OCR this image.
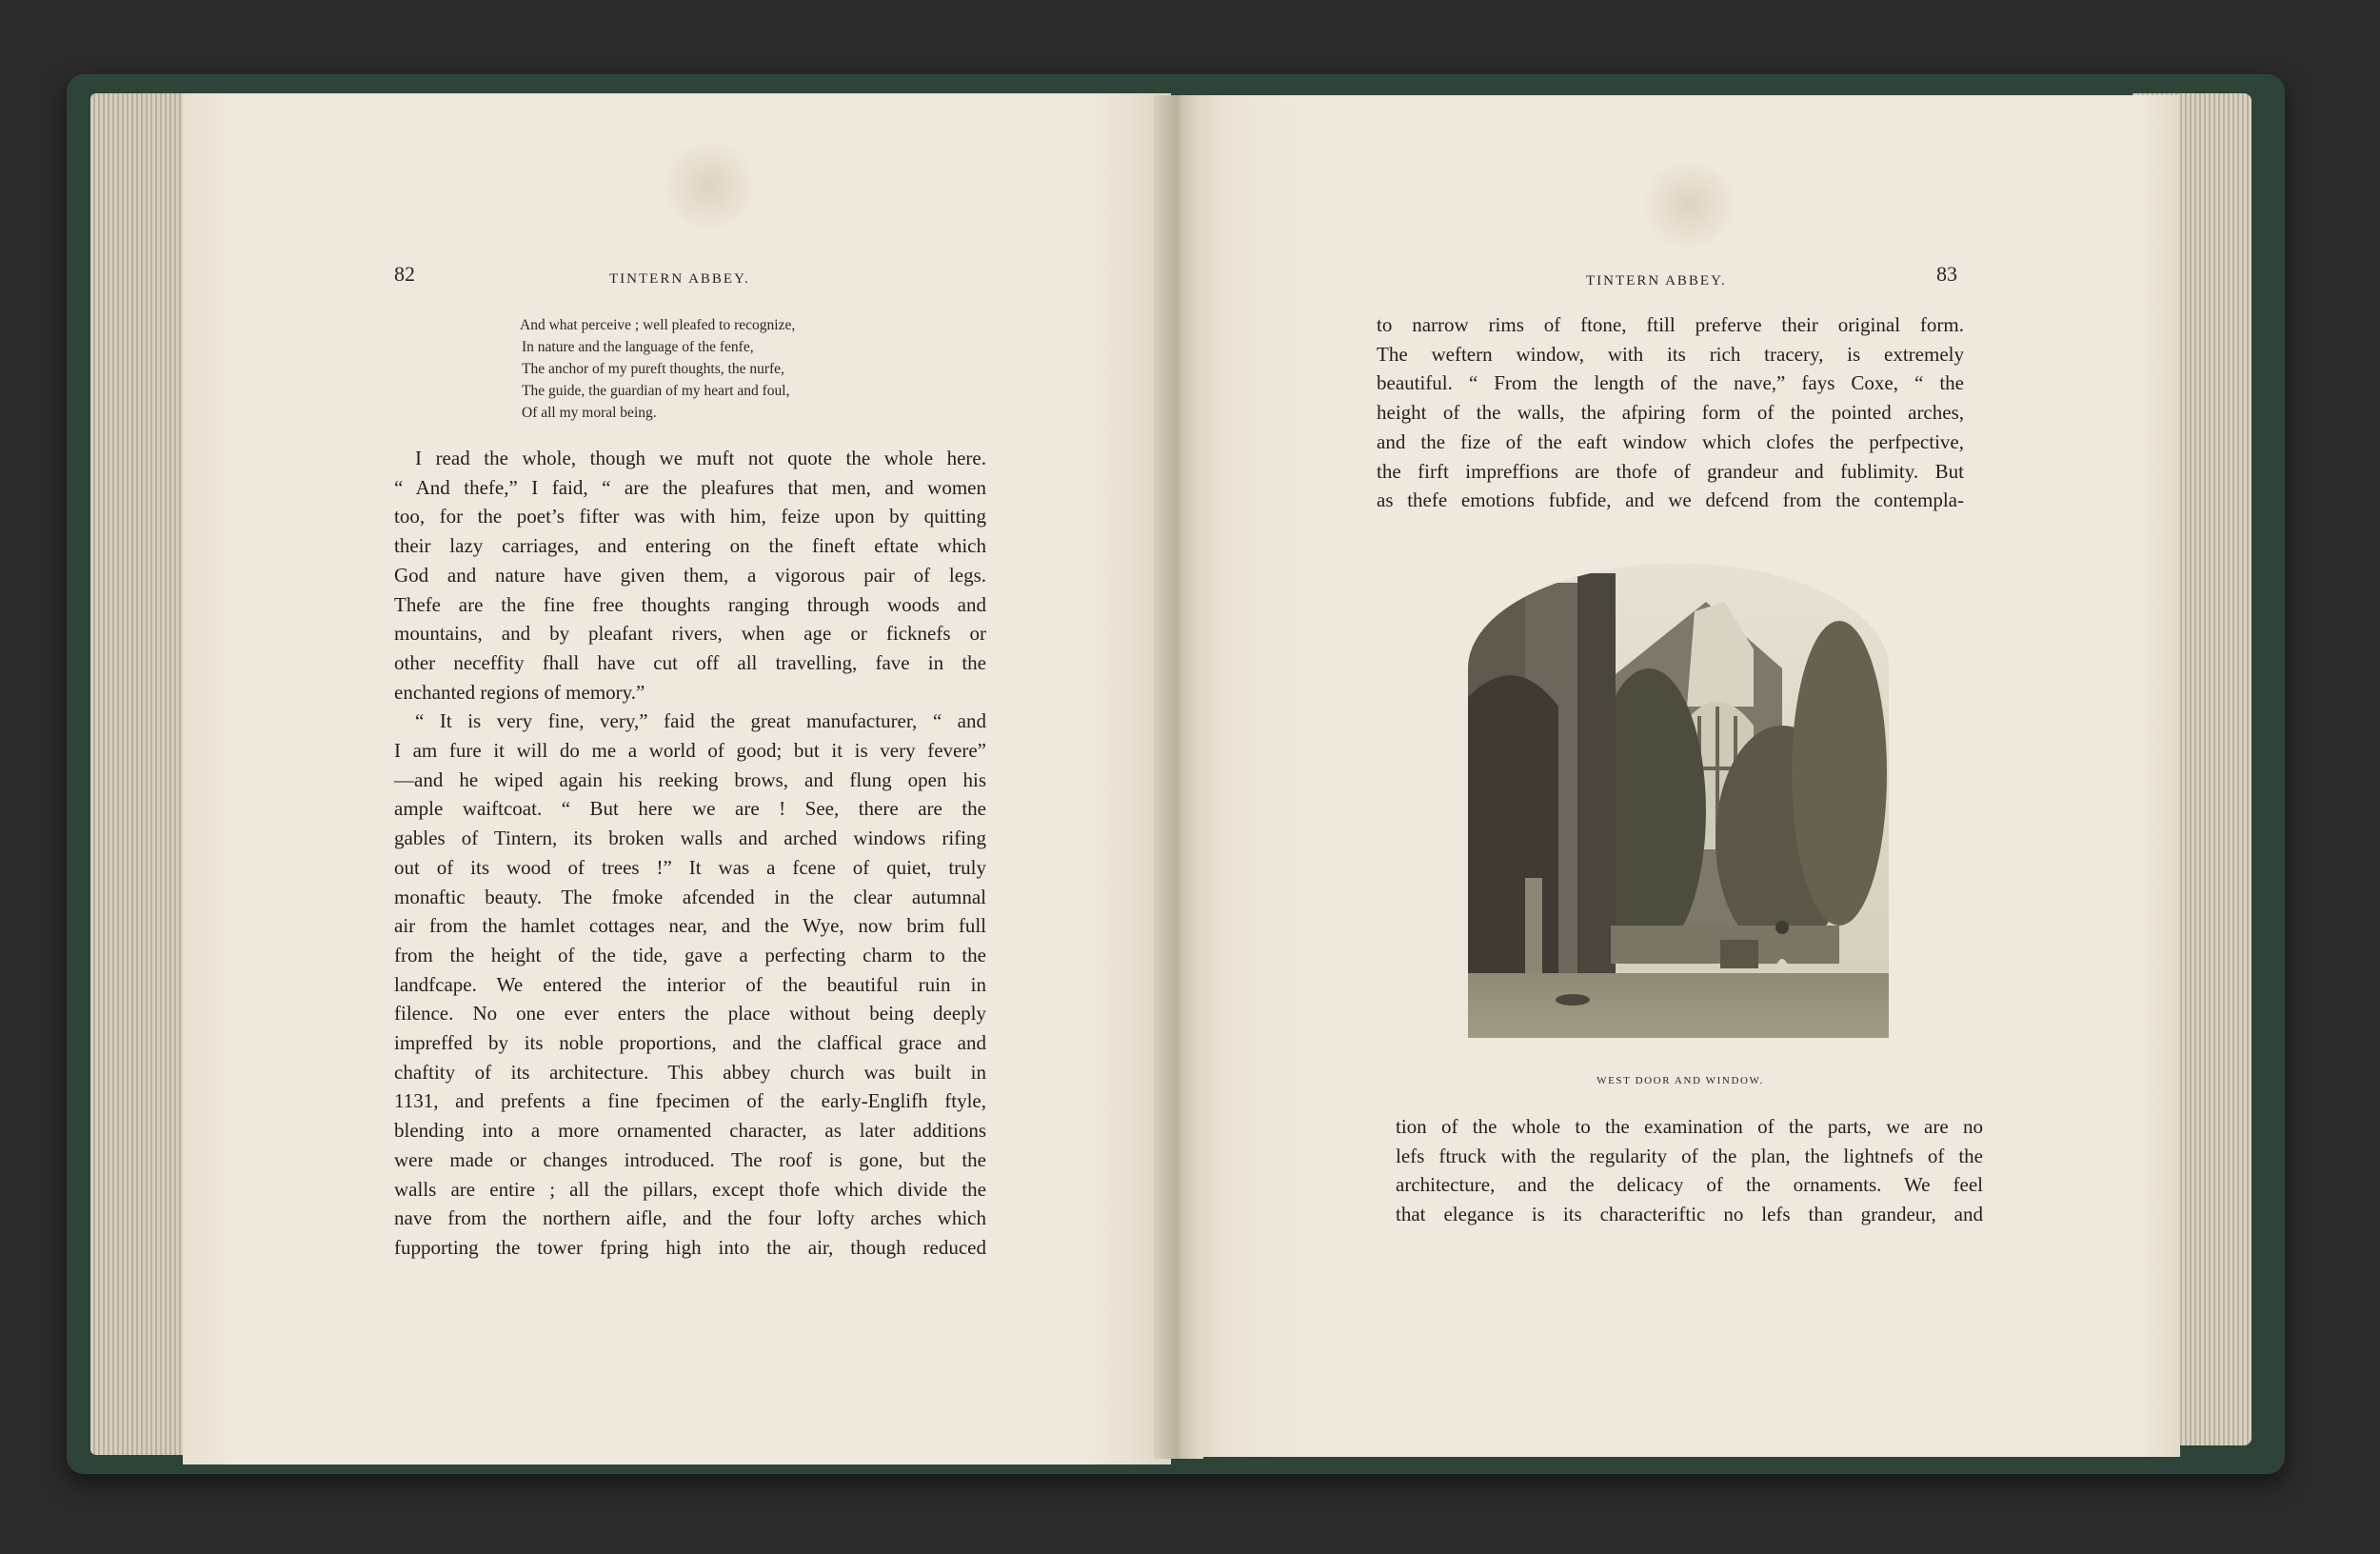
82	TINTERN ABBEY.
And what perceive ; well pleafed to recognize,
In nature and the language of the fenfe,
The anchor of my pureft thoughts, the nurfe,
The guide, the guardian of my heart and foul,
Of all my moral being.
I read the whole, though we muft not quote the whole here.
“ And thefe,” I faid, “ are the pleafures that men, and women
too, for the poet’s fifter was with him, feize upon by quitting
their lazy carriages, and entering on the fineft eftate which
God and nature have given them, a vigorous pair of legs.
Thefe are the fine free thoughts ranging through woods and
mountains, and by pleafant rivers, when age or ficknefs or
other neceffity fhall have cut off all travelling, fave in the
enchanted regions of memory.”
“ It is very fine, very,” faid the great manufacturer, “ and
I am fure it will do me a world of good; but it is very fevere”
—and he wiped again his reeking brows, and flung open his
ample waiftcoat. “ But here we are ! See, there are the
gables of Tintern, its broken walls and arched windows rifing
out of its wood of trees !” It was a fcene of quiet, truly
monaftic beauty. The fmoke afcended in the clear autumnal
air from the hamlet cottages near, and the Wye, now brim full
from the height of the tide, gave a perfecting charm to the
landfcape. We entered the interior of the beautiful ruin in
filence. No one ever enters the place without being deeply
impreffed by its noble proportions, and the claffical grace and
chaftity of its architecture. This abbey church was built in
1131, and prefents a fine fpecimen of the early-Englifh ftyle,
blending into a more ornamented character, as later additions
were made or changes introduced. The roof is gone, but the
walls are entire ; all the pillars, except thofe which divide the
nave from the northern aifle, and the four lofty arches which
fupporting the tower fpring high into the air, though reduced
TINTERN ABBEY.	83
to narrow rims of ftone, ftill preferve their original form.
The weftern window, with its rich tracery, is extremely
beautiful. “ From the length of the nave,” fays Coxe, “ the
height of the walls, the afpiring form of the pointed arches,
and the fize of the eaft window which clofes the perfpective,
the firft impreffions are thofe of grandeur and fublimity. But
as thefe emotions fubfide, and we defcend from the contempla-
WEST DOOR AND WINDOW.
tion of the whole to the examination of the parts, we are no
lefs ftruck with the regularity of the plan, the lightnefs of the
architecture, and the delicacy of the ornaments. We feel
that elegance is its characteriftic no lefs than grandeur, and
